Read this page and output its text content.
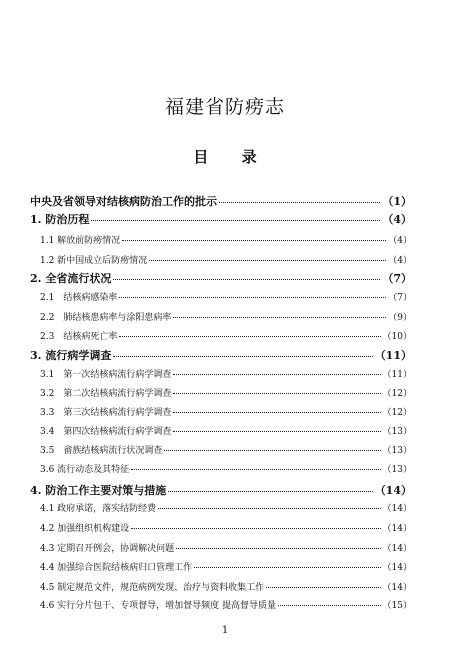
福建省防痨志
目 录
中央及省领导对结核病防治工作的批示	（1）
1. 防治历程	（4）
1.1 解放前防痨情况	（4）
1.2 新中国成立后防痨情况	（4）
2. 全省流行状况	（7）
2.1　结核病感染率	（7）
2.2　肺结核患病率与涂阳患病率	（9）
2.3　结核病死亡率	（10）
3. 流行病学调查	（11）
3.1　第一次结核病流行病学调查	（11）
3.2　第二次结核病流行病学调查	（12）
3.3　第三次结核病流行病学调查	（12）
3.4　第四次结核病流行病学调查	（13）
3.5　畲族结核病流行状况调查	（13）
3.6 流行动态及其特征	（13）
4. 防治工作主要对策与措施	（14）
4.1 政府承诺，落实结防经费	（14）
4.2 加强组织机构建设	（14）
4.3 定期召开例会，协调解决问题	（14）
4.4 加强综合医院结核病归口管理工作	（14）
4.5 制定规范文件，规范病例发现、治疗与资料收集工作	（14）
4.6 实行分片包干、专项督导，增加督导频度 提高督导质量	（15）
1
